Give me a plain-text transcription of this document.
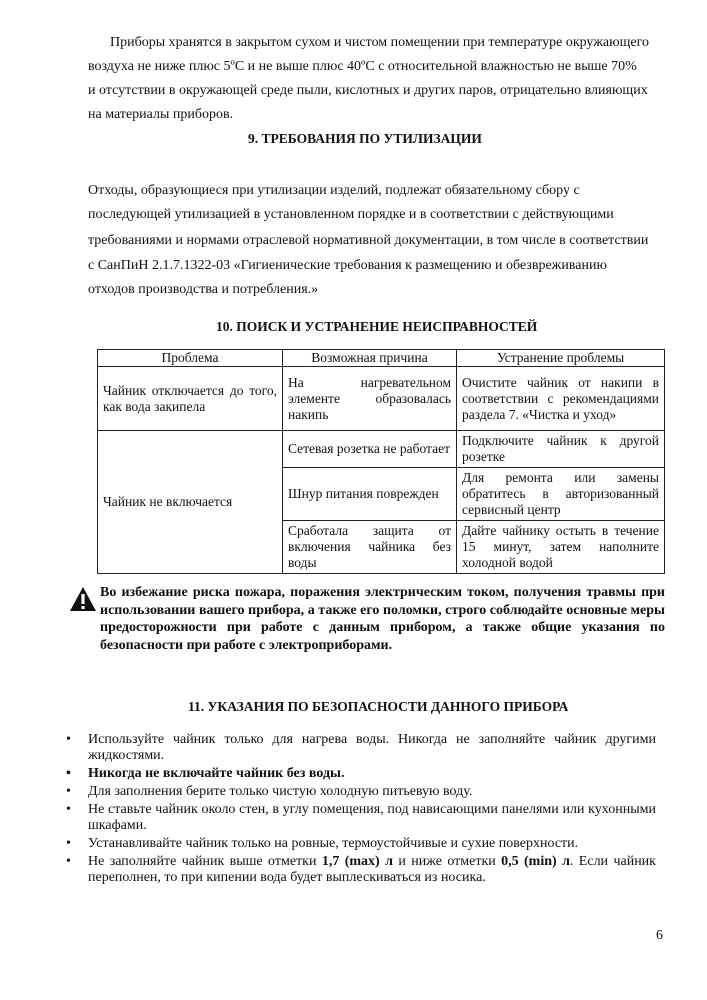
Приборы хранятся в закрытом сухом и чистом помещении при температуре окружающего
воздуха не ниже плюс 5ºС и не выше плюс 40ºС с относительной влажностью не выше 70%
и отсутствии в окружающей среде пыли, кислотных и других паров, отрицательно влияющих
на материалы приборов.
9. ТРЕБОВАНИЯ ПО УТИЛИЗАЦИИ
Отходы, образующиеся при утилизации изделий, подлежат обязательному сбору с
последующей утилизацией в установленном порядке и в соответствии с действующими
требованиями и нормами отраслевой нормативной документации, в том числе в соответствии
с СанПиН 2.1.7.1322-03 «Гигиенические требования к размещению и обезвреживанию
отходов производства и потребления.»
10. ПОИСК И УСТРАНЕНИЕ НЕИСПРАВНОСТЕЙ
Проблема	Возможная причина	Устранение проблемы
Чайник отключается до того, как вода закипела	На нагревательном элементе образовалась накипь	Очистите чайник от накипи в соответствии с рекомендациями раздела 7. «Чистка и уход»
Чайник не включается	Сетевая розетка не работает	Подключите чайник к другой розетке
	Шнур питания поврежден	Для ремонта или замены обратитесь в авторизованный сервисный центр
	Сработала защита от включения чайника без воды	Дайте чайнику остыть в течение 15 минут, затем наполните холодной водой
Во избежание риска пожара, поражения электрическим током, получения травмы при использовании вашего прибора, а также его поломки, строго соблюдайте основные меры предосторожности при работе с данным прибором, а также общие указания по безопасности при работе с электроприборами.
11. УКАЗАНИЯ ПО БЕЗОПАСНОСТИ ДАННОГО ПРИБОРА
• Используйте чайник только для нагрева воды. Никогда не заполняйте чайник другими жидкостями.
• Никогда не включайте чайник без воды.
• Для заполнения берите только чистую холодную питьевую воду.
• Не ставьте чайник около стен, в углу помещения, под нависающими панелями или кухонными шкафами.
• Устанавливайте чайник только на ровные, термоустойчивые и сухие поверхности.
• Не заполняйте чайник выше отметки 1,7 (max) л и ниже отметки 0,5 (min) л. Если чайник переполнен, то при кипении вода будет выплескиваться из носика.
6
